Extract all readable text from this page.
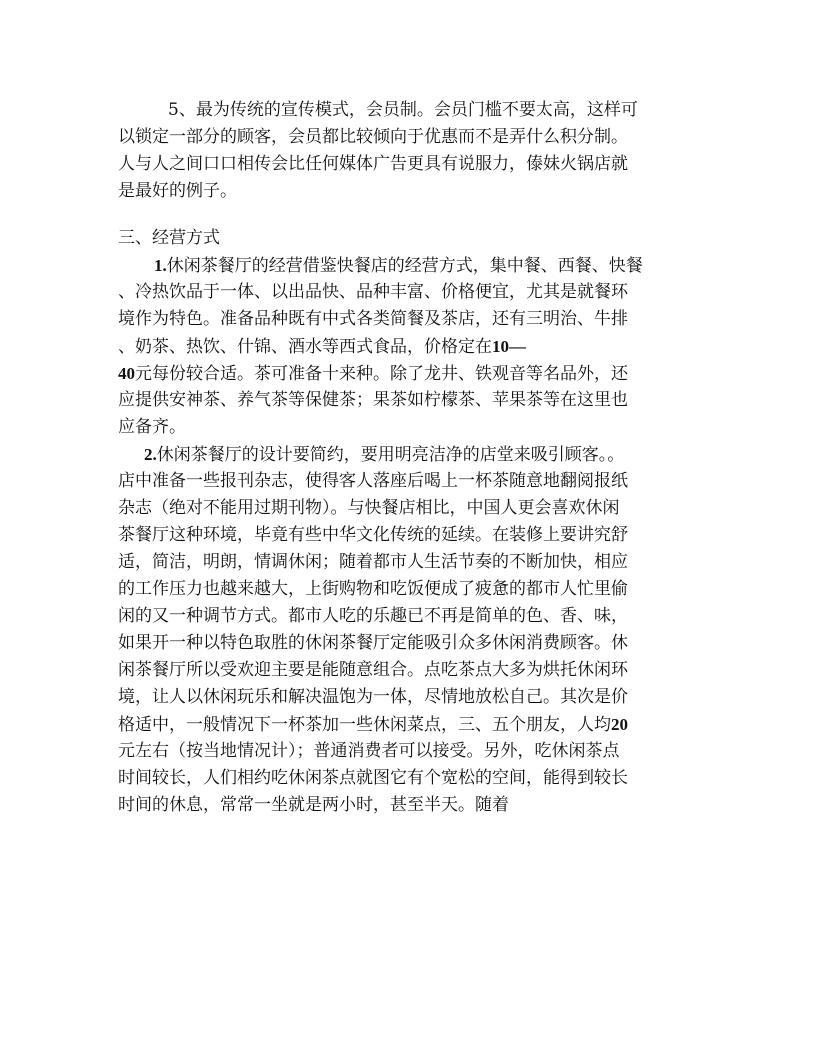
5、最为传统的宣传模式，会员制。会员门槛不要太高，这样可
以锁定一部分的顾客，会员都比较倾向于优惠而不是弄什么积分制。
人与人之间口口相传会比任何媒体广告更具有说服力，傣妹火锅店就
是最好的例子。
三、经营方式
1.休闲茶餐厅的经营借鉴快餐店的经营方式，集中餐、西餐、快餐
、冷热饮品于一体、以出品快、品种丰富、价格便宜，尤其是就餐环
境作为特色。准备品种既有中式各类简餐及茶店，还有三明治、牛排
、奶茶、热饮、什锦、酒水等西式食品，价格定在10—
40元每份较合适。茶可准备十来种。除了龙井、铁观音等名品外，还
应提供安神茶、养气茶等保健茶；果茶如柠檬茶、苹果茶等在这里也
应备齐。
2.休闲茶餐厅的设计要简约，要用明亮洁净的店堂来吸引顾客。。
店中准备一些报刊杂志，使得客人落座后喝上一杯茶随意地翻阅报纸
杂志（绝对不能用过期刊物）。与快餐店相比，中国人更会喜欢休闲
茶餐厅这种环境，毕竟有些中华文化传统的延续。在装修上要讲究舒
适，简洁，明朗，情调休闲；随着都市人生活节奏的不断加快，相应
的工作压力也越来越大，上街购物和吃饭便成了疲惫的都市人忙里偷
闲的又一种调节方式。都市人吃的乐趣已不再是简单的色、香、味，
如果开一种以特色取胜的休闲茶餐厅定能吸引众多休闲消费顾客。休
闲茶餐厅所以受欢迎主要是能随意组合。点吃茶点大多为烘托休闲环
境，让人以休闲玩乐和解决温饱为一体，尽情地放松自己。其次是价
格适中，一般情况下一杯茶加一些休闲菜点，三、五个朋友，人均20
元左右（按当地情况计）；普通消费者可以接受。另外，吃休闲茶点
时间较长，人们相约吃休闲茶点就图它有个宽松的空间，能得到较长
时间的休息，常常一坐就是两小时，甚至半天。随着
